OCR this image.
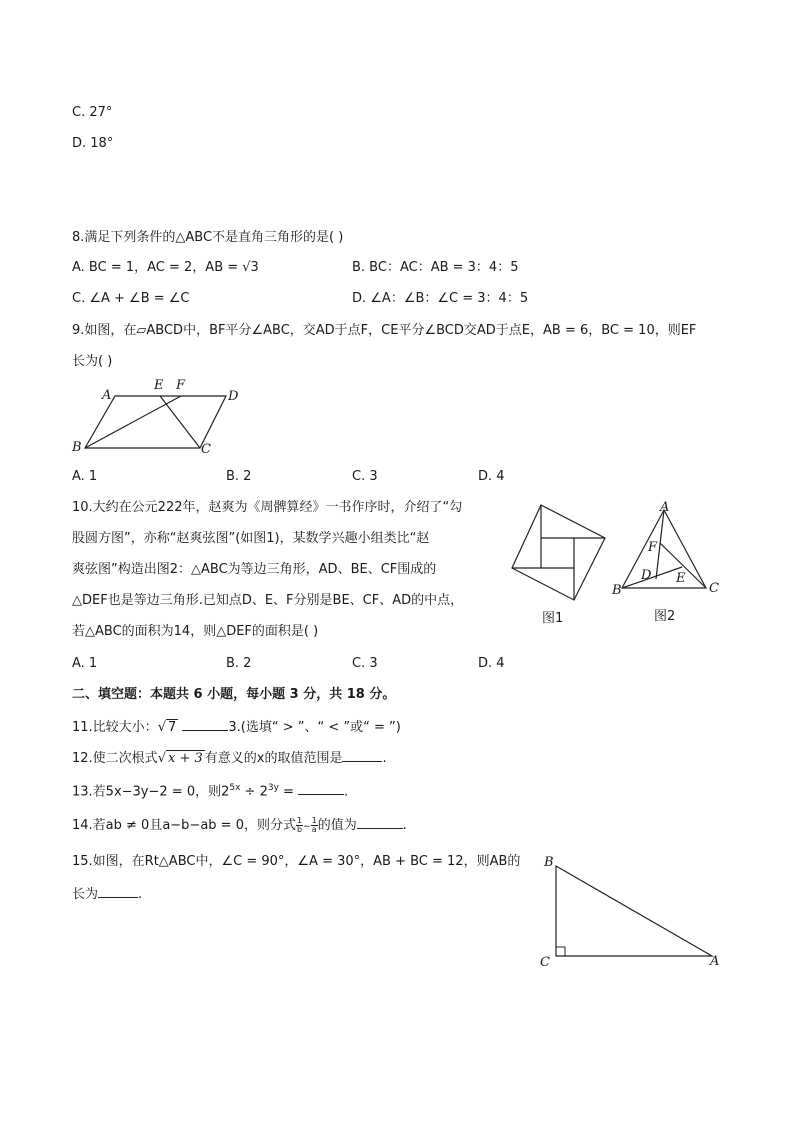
C. 27°
D. 18°
8.满足下列条件的△ABC不是直角三角形的是( )
A. BC = 1，AC = 2，AB = √3	B. BC：AC：AB = 3：4：5
C. ∠A + ∠B = ∠C	D. ∠A：∠B：∠C = 3：4：5
9.如图，在▱ABCD中，BF平分∠ABC，交AD于点F，CE平分∠BCD交AD于点E，AB = 6，BC = 10，则EF
长为( )
A
E F
D
B	C
A. 1	B. 2	C. 3	D. 4
10.大约在公元222年，赵爽为《周髀算经》一书作序时，介绍了“勾
股圆方图”，亦称“赵爽弦图”(如图1)，某数学兴趣小组类比“赵
爽弦图”构造出图2：△ABC为等边三角形，AD、BE、CF围成的
△DEF也是等边三角形.已知点D、E、F分别是BE、CF、AD的中点，
若△ABC的面积为14，则△DEF的面积是( )
图1
A
B	C
D E
F
图2
A. 1	B. 2	C. 3	D. 4
二、填空题：本题共 6 小题，每小题 3 分，共 18 分。
11.比较大小：√ 7	3.(选填“ > ”、“ < ”或“ = ”)
12.使二次根式√ x + 3 有意义的x的取值范围是	.
13.若5x−3y−2 = 0，则$2^{5x} \div 2^{3y}$ =	.
14.若ab ≠ 0且a−b−ab = 0，则分式 $\frac{1}{b} - \frac{1}{a}$ 的值为	.
15.如图，在Rt△ABC中，∠C = 90°，∠A = 30°，AB + BC = 12，则AB的
长为	.
B
C	A
